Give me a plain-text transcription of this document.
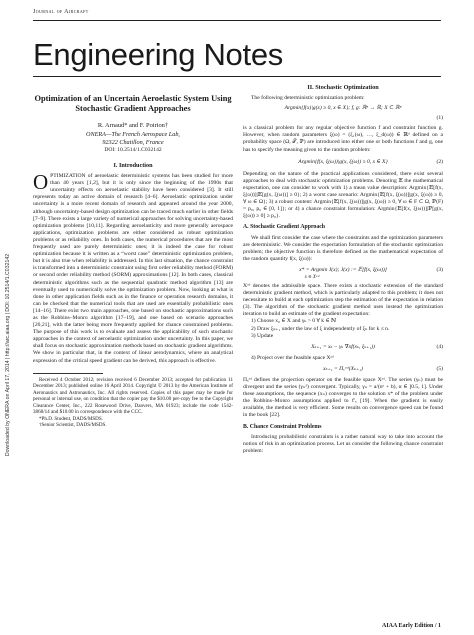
Journal of Aircraft
Engineering Notes
Downloaded by ONERA on April 17, 2014 | http://arc.aiaa.org | DOI: 10.2514/1.C032142
Optimization of an Uncertain Aeroelastic System Using Stochastic Gradient Approaches
R. Arnaud* and F. Poirion†
ONERA—The French Aerospace Lab,
92322 Chatillon, France
DOI: 10.2514/1.C032142
I. Introduction

OPTIMIZATION of aeroelastic deterministic systems has been studied for more than 40 years [1,2], but it is only since the beginning of the 1990s that uncertainty effects on aeroelastic stability have been considered [3]. It still represents today an active domain of research [4–6]. Aeroelastic optimization under uncertainty is a more recent domain of research and appeared around the year 2000, although uncertainty-based design optimization can be traced much earlier in other fields [7–9]. There exists a large variety of numerical approaches for solving uncertainty-based optimization problems [10,11]. Regarding aeroelasticity and more generally aerospace applications, optimization problems are either considered as robust optimization problems or as reliability ones. In both cases, the numerical procedures that are the most frequently used are purely deterministic ones; it is indeed the case for robust optimization because it is written as a “worst case” deterministic optimization problem, but it is also true when reliability is addressed. In this last situation, the chance constraint is transformed into a deterministic constraint using first order reliability method (FORM) or second order reliability method (SORM) approximations [12]. In both cases, classical deterministic algorithms such as the sequential quadratic method algorithm [13] are eventually used to numerically solve the optimization problem. Now, looking at what is done in other application fields such as in the finance or operation research domains, it can be checked that the numerical tools that are used are essentially probabilistic ones [14–16]. There exist two main approaches, one based on stochastic approximations such as the Robbins–Monro algorithm [17–19], and one based on scenario approaches [20,21], with the latter being more frequently applied for chance constrained problems. The purpose of this work is to evaluate and assess the applicability of such stochastic approaches in the context of aeroelastic optimization under uncertainty. In this paper, we shall focus on stochastic approximation methods based on stochastic gradient algorithms. We show in particular that, in the context of linear aerodynamics, where an analytical expression of the critical speed gradient can be derived, this approach is effective.

Received 4 October 2012; revision received 6 December 2013; accepted for publication 11 December 2013; published online 16 April 2014. Copyright © 2013 by the American Institute of Aeronautics and Astronautics, Inc. All rights reserved. Copies of this paper may be made for personal or internal use, on condition that the copier pay the $10.00 per-copy fee to the Copyright Clearance Center, Inc., 222 Rosewood Drive, Danvers, MA 01923; include the code 1542-3868/14 and $10.00 in correspondence with the CCC.

*Ph.D. Student, DADS/MSDS.

†Senior Scientist, DADS/MSDS.

II. Stochastic Optimization

The following deterministic optimization problem:

Argmin{f(x)|g(x) ≥ 0, x ∈ X}; f, g: ℝⁿ → ℝ; X ⊂ ℝⁿ
(1)

is a classical problem for any regular objective function f and constraint function g. However, when random parameters ξ(ω) = (ξ₁(ω), …, ξ_d(ω)) ∈ ℝᵈ defined on a probability space (Ω, 𝒯, ℙ) are introduced into either one or both functions f and g, one has to specify the meaning given to the random problem:

Argmin{f(x, ξ(ω))|g(x, ξ(ω)) ≥ 0, x ∈ X}	(2)

Depending on the nature of the practical applications considered, there exist several approaches to deal with stochastic optimization problems. Denoting 𝔼 the mathematical expectation, one can consider to work with 1) a mean value description: Argmin{𝔼[f(x, ξ(ω))]|𝔼[g(x, ξ(ω))] ≥ 0}; 2) a worst case scenario: Argmin{𝔼[f(x, ξ(ω))]|g(x, ξ(ω)) ≥ 0, ∀ ω ∈ Ω}; 3) a robust content: Argmin{𝔼[f(x, ξ(ω))]|g(x, ξ(ω)) ≥ 0, ∀ ω ∈ F ⊂ Ω, ℙ(F) = p₀, p₀ ∈ [0, 1]}; or 4) a chance constraint formulation: Argmin{𝔼[f(x, ξ(ω))]|ℙ[g(x, ξ(ω)) ≥ 0] ≥ p₀}.

A. Stochastic Gradient Approach

We shall first consider the case where the constraints and the optimization parameters are deterministic. We consider the expectation formulation of the stochastic optimization problem; the objective function is therefore defined as the mathematical expectation of the random quantity f(x, ξ(ω)):

x* = Argmin J(x); J(x) := 𝔼[f(x, ξ(ω))]	(3)
x ∈ Xᵃᵈ

Xᵃᵈ denotes the admissible space. There exists a stochastic extension of the standard deterministic gradient method, which is particularly adapted to this problem; it does not necessitate to build at each optimization step the estimation of the expectation in relation (3). The algorithm of the stochastic gradient method uses instead the optimization iteration to build an estimate of the gradient expectation:

1) Choose x₀ ∈ X and γₖ > 0 ∀ k ∈ ℕ
2) Draw ξₖ₊₁ under the law of ξ independently of ξₖ for k ≤ n.
3) Update
Xₖ₊₁ = xₖ − γₖ ∇xf(xₖ, ξₖ₊₁))	(4)
4) Project over the feasible space Xᵃᵈ
xₖ₊₁ = Πₓᵃᵈ(Xₖ₊₁)	(5)

Πₓᵃᵈ defines the projection operator on the feasible space Xᵃᵈ. The series (γₙ) must be divergent and the series (γₙ²) convergent. Typically, γₙ = a/(nᵅ + b), α ∈ ]0.5, 1]. Under these assumptions, the sequence (xₙ) converges to the solution x* of the problem under the Robbins–Monro assumptions applied to f′ₓ [19]. When the gradient is easily available, the method is very efficient. Some results on convergence speed can be found in the book [22].

B. Chance Constraint Problems

Introducing probabilistic constraints is a rather natural way to take into account the notion of risk in an optimization process. Let us consider the following chance constraint problem:

AIAA Early Edition / 1
